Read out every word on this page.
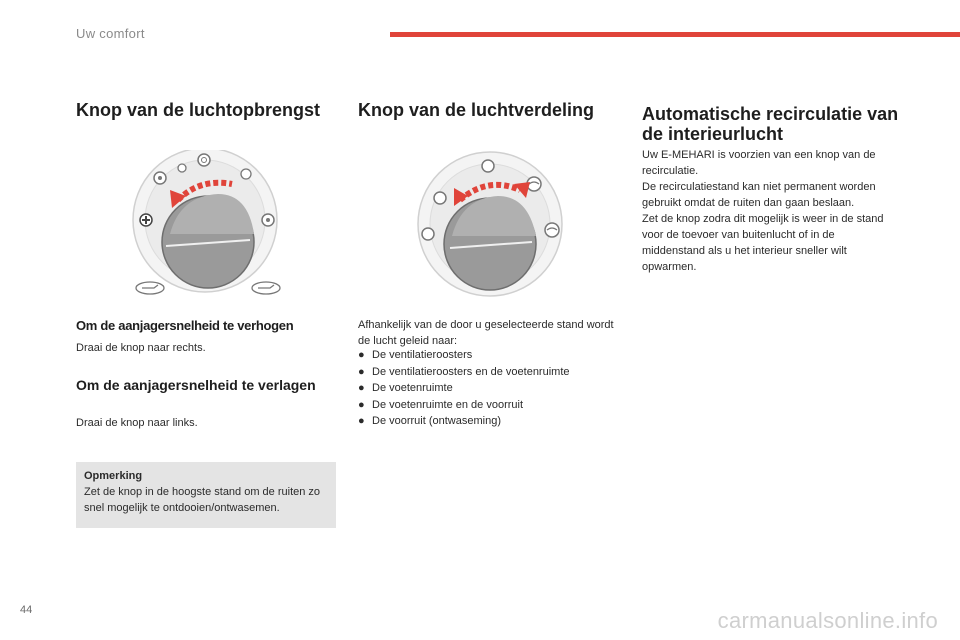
Uw comfort
Knop van de luchtopbrengst
Om de aanjagersnelheid te verhogen

Draai de knop naar rechts.

Om de aanjagersnelheid te verlagen

Draai de knop naar links.

Opmerking
Zet de knop in de hoogste stand om de ruiten zo snel mogelijk te ontdooien/ontwasemen.
Knop van de luchtverdeling

Afhankelijk van de door u geselecteerde stand wordt de lucht geleid naar:

● De ventilatieroosters
● De ventilatieroosters en de voetenruimte
● De voetenruimte
● De voetenruimte en de voorruit
● De voorruit (ontwaseming)
Automatische recirculatie van de interieurlucht

Uw E-MEHARI is voorzien van een knop van de recirculatie.
De recirculatiestand kan niet permanent worden gebruikt omdat de ruiten dan gaan beslaan.
Zet de knop zodra dit mogelijk is weer in de stand voor de toevoer van buitenlucht of in de middenstand als u het interieur sneller wilt opwarmen.

44	carmanualsonline.info
